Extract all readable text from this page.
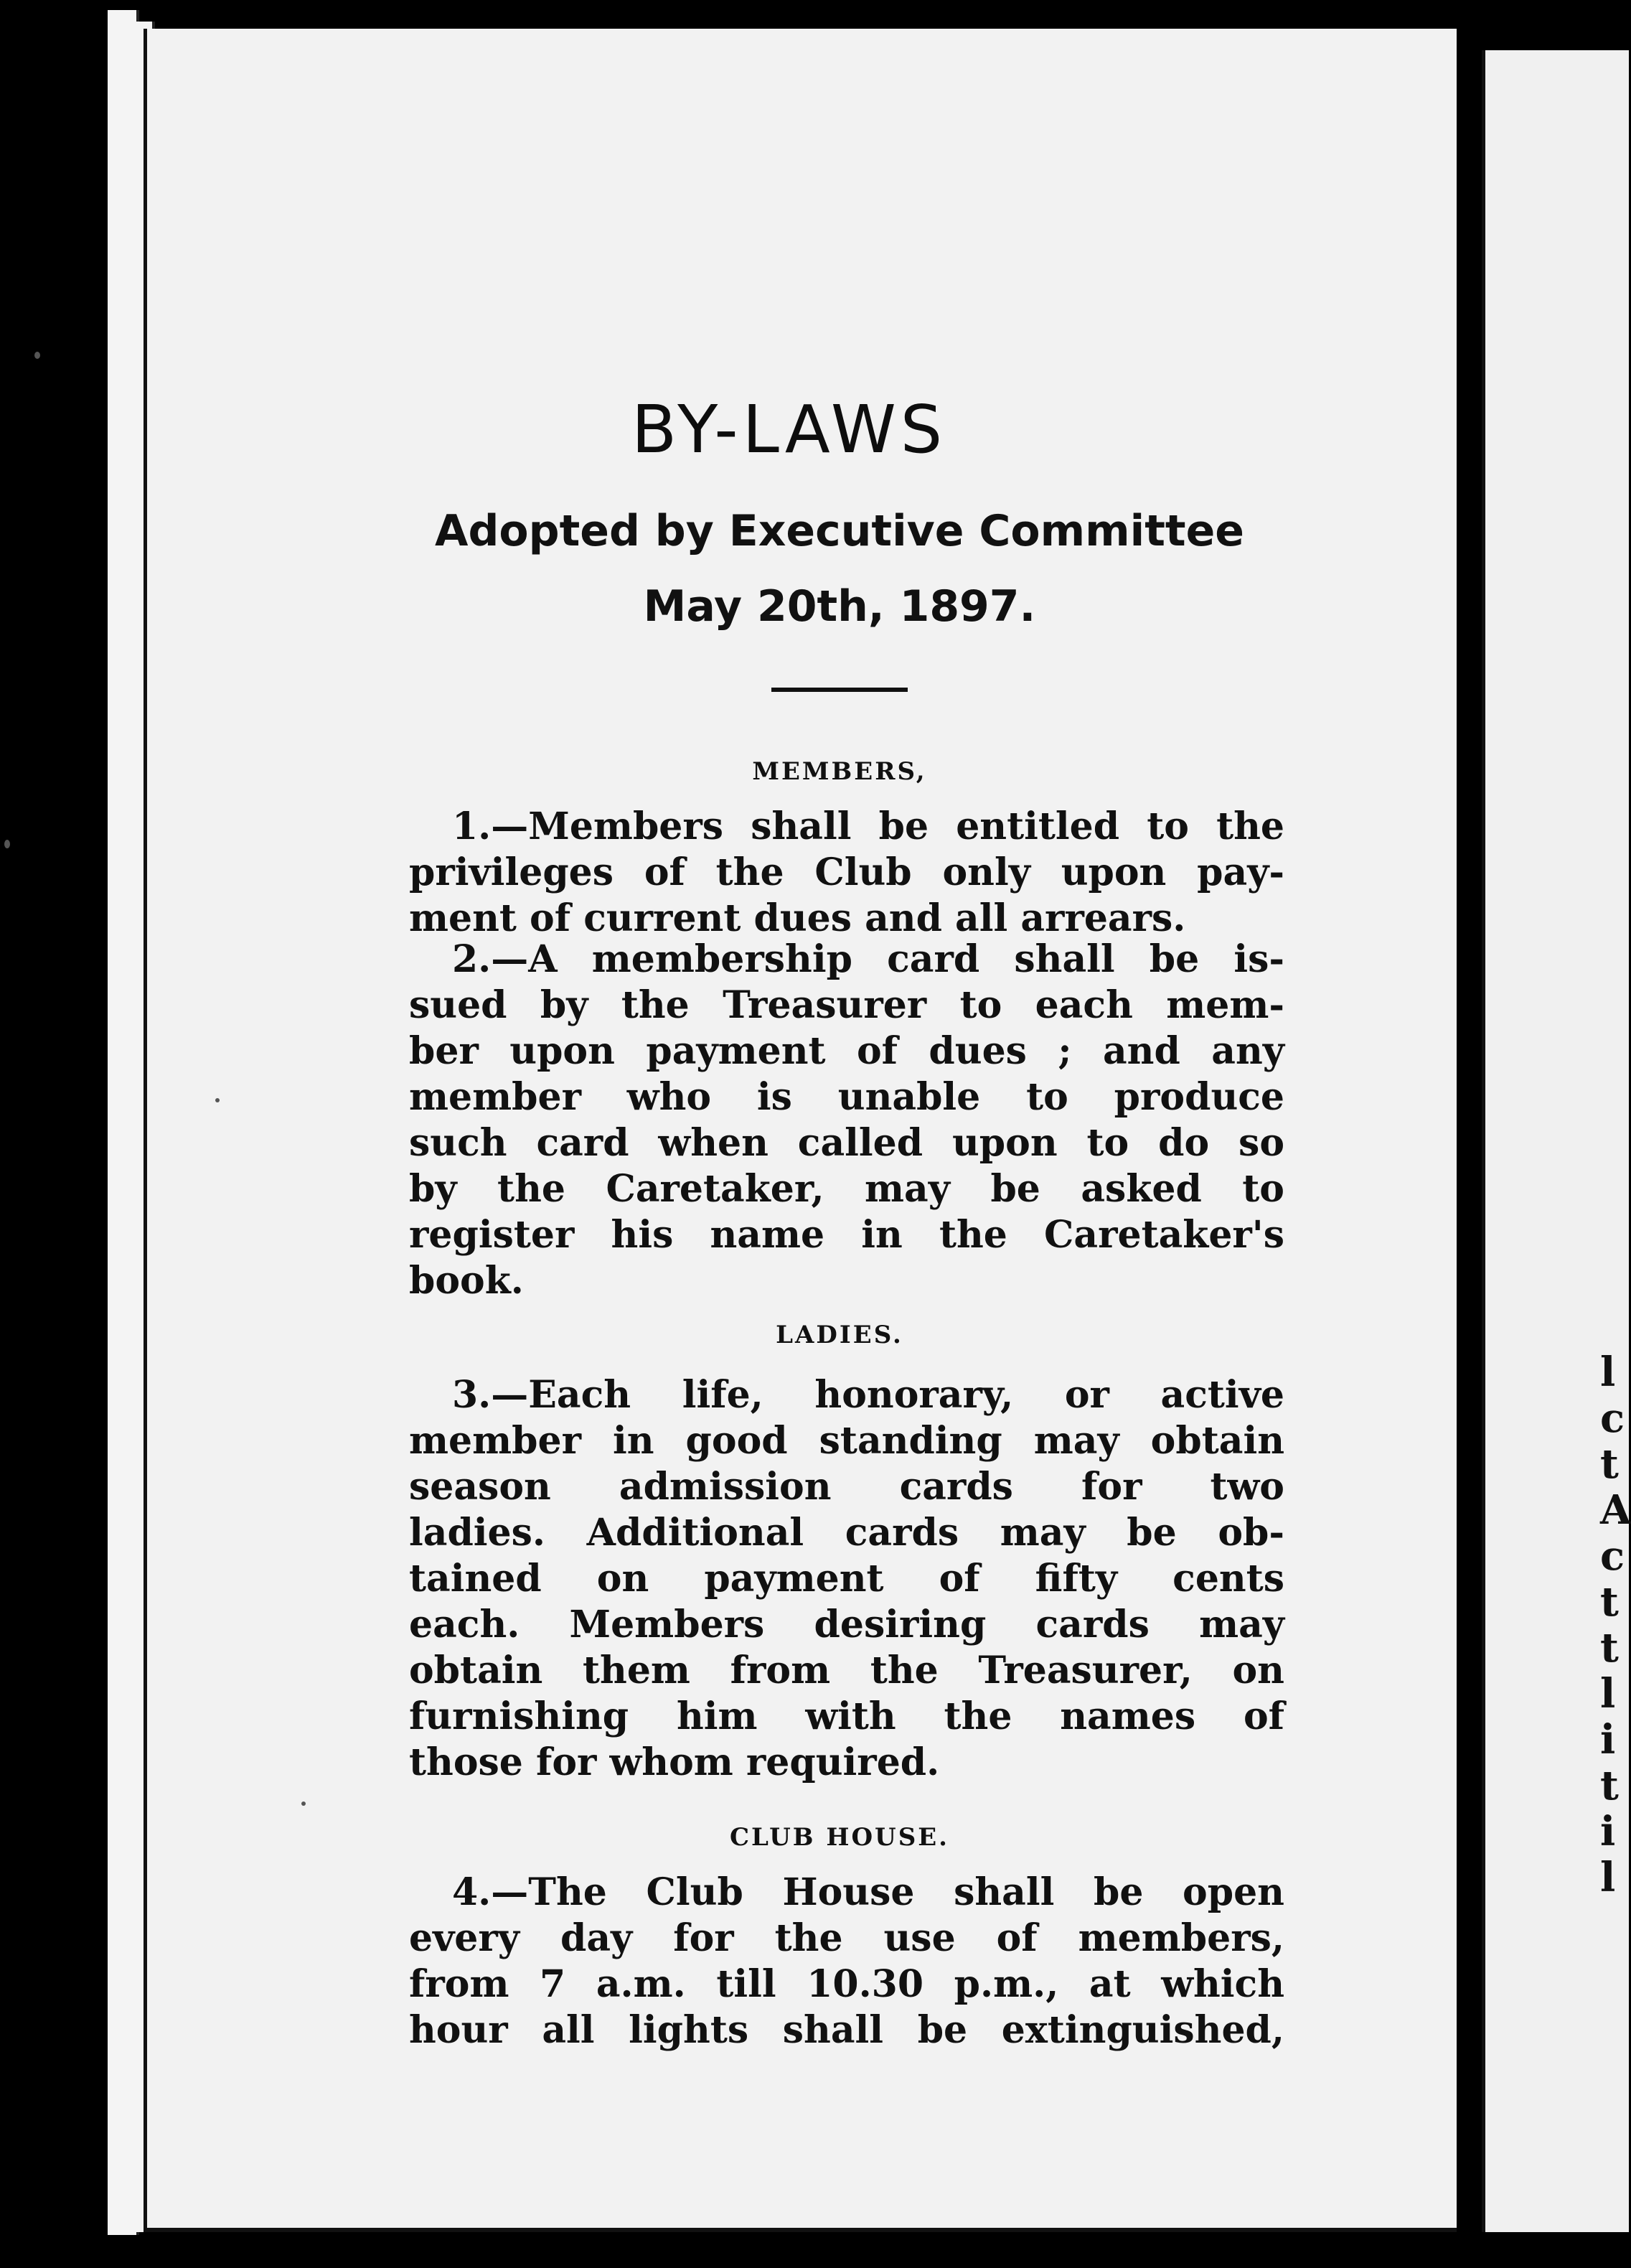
l
c
t
A
c
t
t
l
i
t
i
l
BY-LAWS
Adopted by Executive Committee
May 20th, 1897.
MEMBERS,
1.—Members shall be entitled to the
privileges of the Club only upon pay-
ment of current dues and all arrears.
2.—A membership card shall be is-
sued by the Treasurer to each mem-
ber upon payment of dues ; and any
member who is unable to produce
such card when called upon to do so
by the Caretaker, may be asked to
register his name in the Caretaker's
book.
LADIES.
3.—Each life, honorary, or active
member in good standing may obtain
season admission cards for two
ladies. Additional cards may be ob-
tained on payment of fifty cents
each. Members desiring cards may
obtain them from the Treasurer, on
furnishing him with the names of
those for whom required.
CLUB HOUSE.
4.—The Club House shall be open
every day for the use of members,
from 7 a.m. till 10.30 p.m., at which
hour all lights shall be extinguished,
